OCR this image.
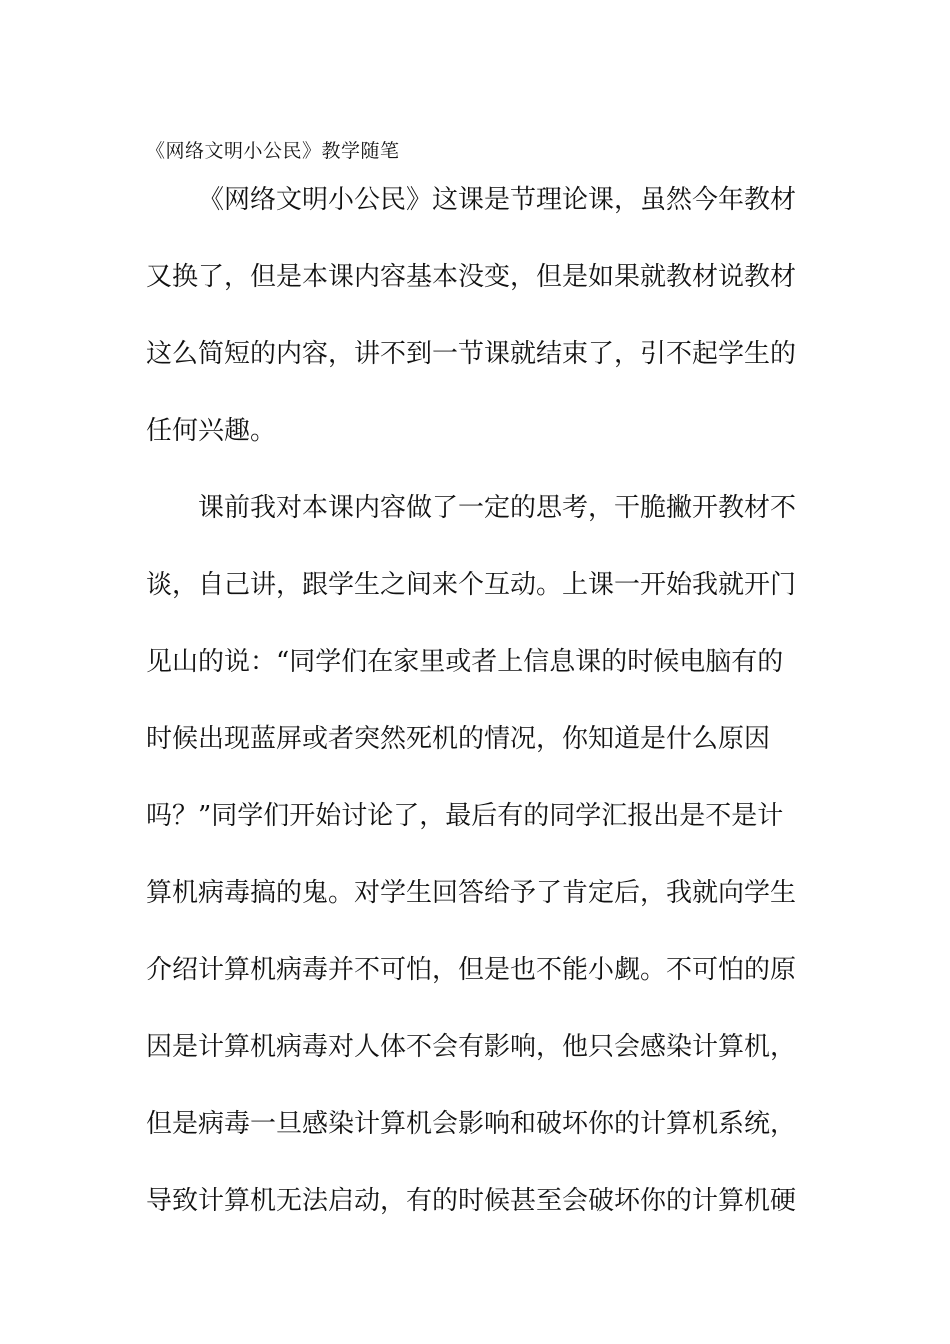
《网络文明小公民》教学随笔
《网络文明小公民》这课是节理论课，虽然今年教材
又换了，但是本课内容基本没变，但是如果就教材说教材
这么简短的内容，讲不到一节课就结束了，引不起学生的
任何兴趣。
课前我对本课内容做了一定的思考，干脆撇开教材不
谈，自己讲，跟学生之间来个互动。上课一开始我就开门
见山的说：“同学们在家里或者上信息课的时候电脑有的
时候出现蓝屏或者突然死机的情况，你知道是什么原因
吗？”同学们开始讨论了，最后有的同学汇报出是不是计
算机病毒搞的鬼。对学生回答给予了肯定后，我就向学生
介绍计算机病毒并不可怕，但是也不能小觑。不可怕的原
因是计算机病毒对人体不会有影响，他只会感染计算机，
但是病毒一旦感染计算机会影响和破坏你的计算机系统，
导致计算机无法启动，有的时候甚至会破坏你的计算机硬
